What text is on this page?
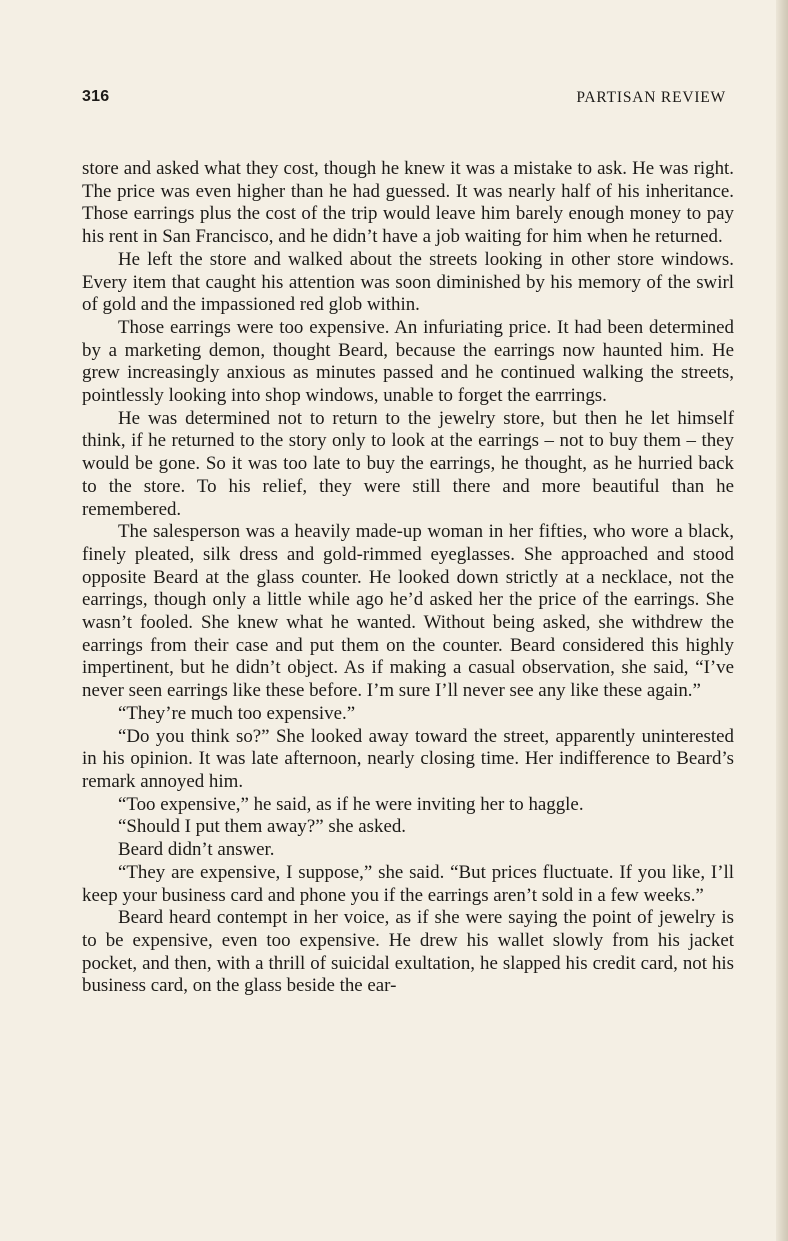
316	PARTISAN REVIEW

store and asked what they cost, though he knew it was a mistake to ask. He was right. The price was even higher than he had guessed. It was nearly half of his inheritance. Those earrings plus the cost of the trip would leave him barely enough money to pay his rent in San Francisco, and he didn’t have a job waiting for him when he returned.

He left the store and walked about the streets looking in other store windows. Every item that caught his attention was soon diminished by his memory of the swirl of gold and the impassioned red glob within.

Those earrings were too expensive. An infuriating price. It had been determined by a marketing demon, thought Beard, because the earrings now haunted him. He grew increasingly anxious as minutes passed and he continued walking the streets, pointlessly looking into shop windows, unable to forget the earrrings.

He was determined not to return to the jewelry store, but then he let himself think, if he returned to the story only to look at the earrings – not to buy them – they would be gone. So it was too late to buy the earrings, he thought, as he hurried back to the store. To his relief, they were still there and more beautiful than he remembered.

The salesperson was a heavily made-up woman in her fifties, who wore a black, finely pleated, silk dress and gold-rimmed eyeglasses. She approached and stood opposite Beard at the glass counter. He looked down strictly at a necklace, not the earrings, though only a little while ago he’d asked her the price of the earrings. She wasn’t fooled. She knew what he wanted. Without being asked, she withdrew the earrings from their case and put them on the counter. Beard considered this highly impertinent, but he didn’t object. As if making a casual observation, she said, “I’ve never seen earrings like these before. I’m sure I’ll never see any like these again.”

“They’re much too expensive.”

“Do you think so?” She looked away toward the street, apparently uninterested in his opinion. It was late afternoon, nearly closing time. Her indifference to Beard’s remark annoyed him.

“Too expensive,” he said, as if he were inviting her to haggle.

“Should I put them away?” she asked.

Beard didn’t answer.

“They are expensive, I suppose,” she said. “But prices fluctuate. If you like, I’ll keep your business card and phone you if the earrings aren’t sold in a few weeks.”

Beard heard contempt in her voice, as if she were saying the point of jewelry is to be expensive, even too expensive. He drew his wallet slowly from his jacket pocket, and then, with a thrill of suicidal exultation, he slapped his credit card, not his business card, on the glass beside the ear-
